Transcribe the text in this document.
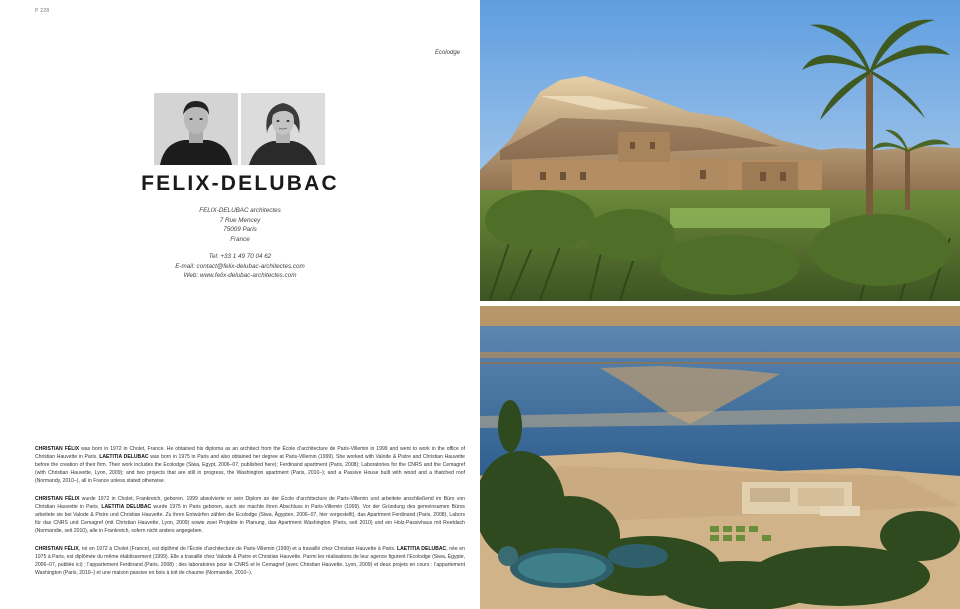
P 228
Ecolodge
FELIX-DELUBAC
FELIX-DELUBAC architectes
7 Rue Mencey
75009 Paris
France
Tel: +33 1 49 70 04 62
E-mail: contact@felix-delubac-architectes.com
Web: www.felix-delubac-architectes.com

CHRISTIAN FÉLIX was born in 1972 in Cholet, France. He obtained his diploma as an architect from the École d’architecture de Paris-Villemin in 1999 and went to work in the office of Christian Hauvette in Paris. LAETITIA DELUBAC was born in 1975 in Paris and also obtained her degree at Paris-Villemin (1999). She worked with Valode & Pistre and Christian Hauvette before the creation of their firm. Their work includes the Ecolodge (Siwa, Egypt, 2006–07, published here); Ferdinand apartment (Paris, 2008); Laboratories for the CNRS and the Cemagref (with Christian Hauvette, Lyon, 2009); and two projects that are still in progress, the Washington apartment (Paris, 2010–); and a Passive House built with wood and a thatched roof (Normandy, 2010–), all in France unless stated otherwise.

CHRISTIAN FÉLIX wurde 1972 in Cholet, Frankreich, geboren. 1999 absolvierte er sein Diplom an der École d’architecture de Paris-Villemin und arbeitete anschließend im Büro von Christian Hauvette in Paris. LAETITIA DELUBAC wurde 1975 in Paris geboren, auch sie machte ihren Abschluss in Paris-Villemin (1999). Vor der Gründung des gemeinsamen Büros arbeitete sie bei Valode & Pistre und Christian Hauvette. Zu ihren Entwürfen zählen die Ecolodge (Siwa, Ägypten, 2006–07, hier vorgestellt), das Apartment Ferdinand (Paris, 2008), Labors für das CNRS und Cemagref (mit Christian Hauvette, Lyon, 2009) sowie zwei Projekte in Planung, das Apartment Washington (Paris, seit 2010) und ein Holz-Passivhaus mit Reetdach (Normandie, seit 2010), alle in Frankreich, sofern nicht anders angegeben.

CHRISTIAN FÉLIX, né en 1972 à Cholet (France), est diplômé de l’École d’architecture de Paris-Villemin (1999) et a travaillé chez Christian Hauvette à Paris. LAETITIA DELUBAC, née en 1975 à Paris, est diplômée du même établissement (1999). Elle a travaillé chez Valode & Pistre et Christian Hauvette. Parmi les réalisations de leur agence figurent l’Ecolodge (Siwa, Égypte, 2006–07, publiée ici) ; l’appartement Ferdinand (Paris, 2008) ; des laboratoires pour le CNRS et le Cemagref (avec Christian Hauvette, Lyon, 2009) et deux projets en cours : l’appartement Washington (Paris, 2010–) et une maison passive en bois à toit de chaume (Normandie, 2010–).
